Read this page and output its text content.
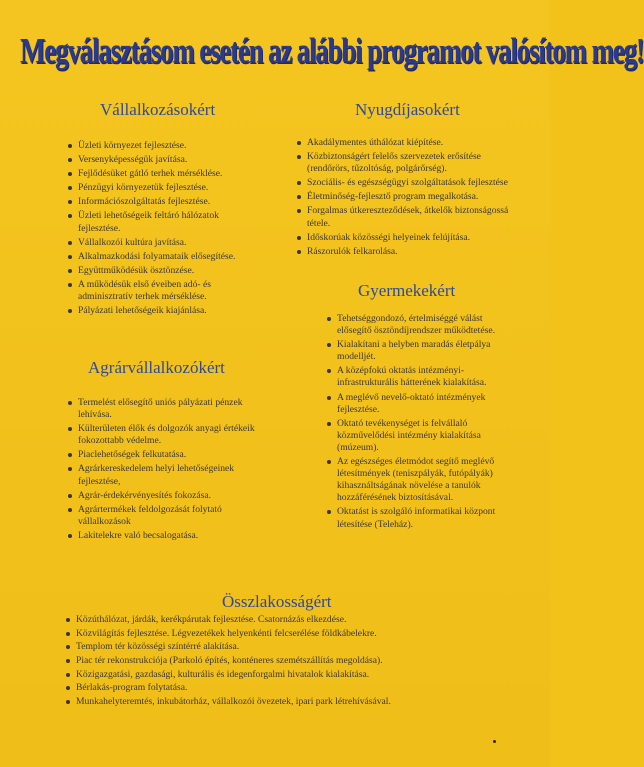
Megválasztásom esetén az alábbi programot valósítom meg!
Vállalkozásokért
Üzleti környezet fejlesztése.
Versenyképességük javítása.
Fejlődésüket gátló terhek mérséklése.
Pénzügyi környezetük fejlesztése.
Információszolgáltatás fejlesztése.
Üzleti lehetőségeik feltáró hálózatok fejlesztése.
Vállalkozói kultúra javítása.
Alkalmazkodási folyamataik elősegítése.
Együttműködésük ösztönzése.
A működésük első éveiben adó- és adminisztratív terhek mérséklése.
Pályázati lehetőségeik kiajánlása.
Nyugdíjasokért
Akadálymentes úthálózat kiépítése.
Közbiztonságért felelős szervezetek erősítése (rendőrörs, tűzoltóság, polgárőrség).
Szociális- és egészségügyi szolgáltatások fejlesztése
Életminőség-fejlesztő program megalkotása.
Forgalmas útkereszteződések, átkelők biztonságossá tétele.
Időskorúak közösségi helyeinek felújítása.
Rászorulók felkarolása.
Gyermekekért
Tehetséggondozó, értelmiséggé válást elősegítő ösztöndíjrendszer működtetése.
Kialakítani a helyben maradás életpálya modelljét.
A középfokú oktatás intézményi-infrastrukturális hátterének kialakítása.
A meglévő nevelő-oktató intézmények fejlesztése.
Oktató tevékenységet is felvállaló közművelődési intézmény kialakítása (múzeum).
Az egészséges életmódot segítő meglévő létesítmények (teniszpályák, futópályák) kihasználtságának növelése a tanulók hozzáférésének biztosításával.
Oktatást is szolgáló informatikai központ létesítése (Teleház).
Agrárvállalkozókért
Termelést elősegítő uniós pályázati pénzek lehívása.
Külterületen élők és dolgozók anyagi értékeik fokozottabb védelme.
Piaclehetőségek felkutatása.
Agrárkereskedelem helyi lehetőségeinek fejlesztése,
Agrár-érdekérvényesítés fokozása.
Agrártermékek feldolgozását folytató vállalkozások
Lakitelekre való becsalogatása.
Összlakosságért
Közúthálózat, járdák, kerékpárutak fejlesztése. Csatornázás elkezdése.
Közvilágítás fejlesztése. Légvezetékek helyenkénti felcserélése földkábelekre.
Templom tér közösségi színtérré alakítása.
Piac tér rekonstrukciója (Parkoló építés, konténeres szemétszállítás megoldása).
Közigazgatási, gazdasági, kulturális és idegenforgalmi hivatalok kialakítása.
Bérlakás-program folytatása.
Munkahelyteremtés, inkubátorház, vállalkozói övezetek, ipari park létrehívásával.
